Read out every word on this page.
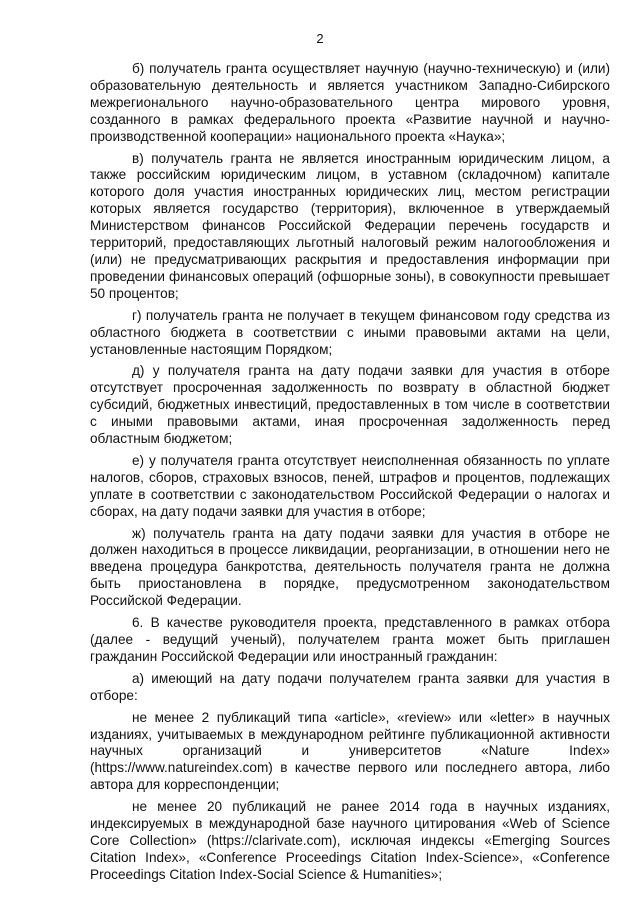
2

б) получатель гранта осуществляет научную (научно-техническую) и (или) образовательную деятельность и является участником Западно-Сибирского межрегионального научно-образовательного центра мирового уровня, созданного в рамках федерального проекта «Развитие научной и научно-производственной кооперации» национального проекта «Наука»;

в) получатель гранта не является иностранным юридическим лицом, а также российским юридическим лицом, в уставном (складочном) капитале которого доля участия иностранных юридических лиц, местом регистрации которых является государство (территория), включенное в утверждаемый Министерством финансов Российской Федерации перечень государств и территорий, предоставляющих льготный налоговый режим налогообложения и (или) не предусматривающих раскрытия и предоставления информации при проведении финансовых операций (офшорные зоны), в совокупности превышает 50 процентов;

г) получатель гранта не получает в текущем финансовом году средства из областного бюджета в соответствии с иными правовыми актами на цели, установленные настоящим Порядком;

д) у получателя гранта на дату подачи заявки для участия в отборе отсутствует просроченная задолженность по возврату в областной бюджет субсидий, бюджетных инвестиций, предоставленных в том числе в соответствии с иными правовыми актами, иная просроченная задолженность перед областным бюджетом;

е) у получателя гранта отсутствует неисполненная обязанность по уплате налогов, сборов, страховых взносов, пеней, штрафов и процентов, подлежащих уплате в соответствии с законодательством Российской Федерации о налогах и сборах, на дату подачи заявки для участия в отборе;

ж) получатель гранта на дату подачи заявки для участия в отборе не должен находиться в процессе ликвидации, реорганизации, в отношении него не введена процедура банкротства, деятельность получателя гранта не должна быть приостановлена в порядке, предусмотренном законодательством Российской Федерации.

6. В качестве руководителя проекта, представленного в рамках отбора (далее - ведущий ученый), получателем гранта может быть приглашен гражданин Российской Федерации или иностранный гражданин:

а) имеющий на дату подачи получателем гранта заявки для участия в отборе:

не менее 2 публикаций типа «article», «review» или «letter» в научных изданиях, учитываемых в международном рейтинге публикационной активности научных организаций и университетов «Nature Index» (https://www.natureindex.com) в качестве первого или последнего автора, либо автора для корреспонденции;

не менее 20 публикаций не ранее 2014 года в научных изданиях, индексируемых в международной базе научного цитирования «Web of Science Core Collection» (https://clarivate.com), исключая индексы «Emerging Sources Citation Index», «Conference Proceedings Citation Index-Science», «Conference Proceedings Citation Index-Social Science & Humanities»;
